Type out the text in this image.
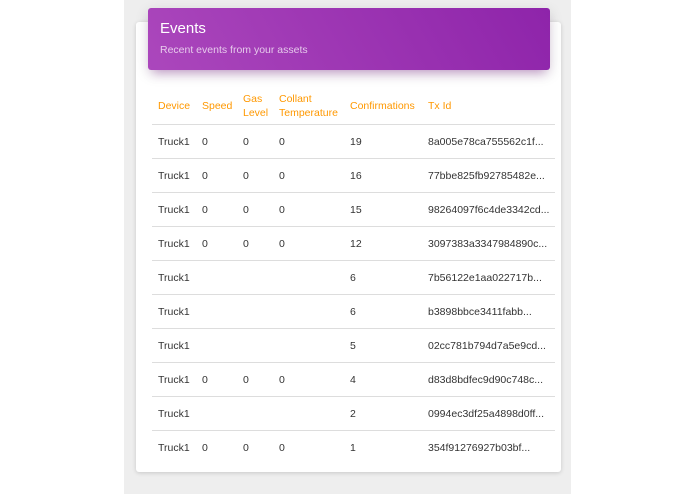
Events
Recent events from your assets
Device	Speed	Gas Level	Collant Temperature	Confirmations	Tx Id
Truck1	0	0	0	19	8a005e78ca755562c1f...
Truck1	0	0	0	16	77bbe825fb92785482e...
Truck1	0	0	0	15	98264097f6c4de3342cd...
Truck1	0	0	0	12	3097383a3347984890c...
Truck1				6	7b56122e1aa022717b...
Truck1				6	b3898bbce3411fabb...
Truck1				5	02cc781b794d7a5e9cd...
Truck1	0	0	0	4	d83d8bdfec9d90c748c...
Truck1				2	0994ec3df25a4898d0ff...
Truck1	0	0	0	1	354f91276927b03bf...
